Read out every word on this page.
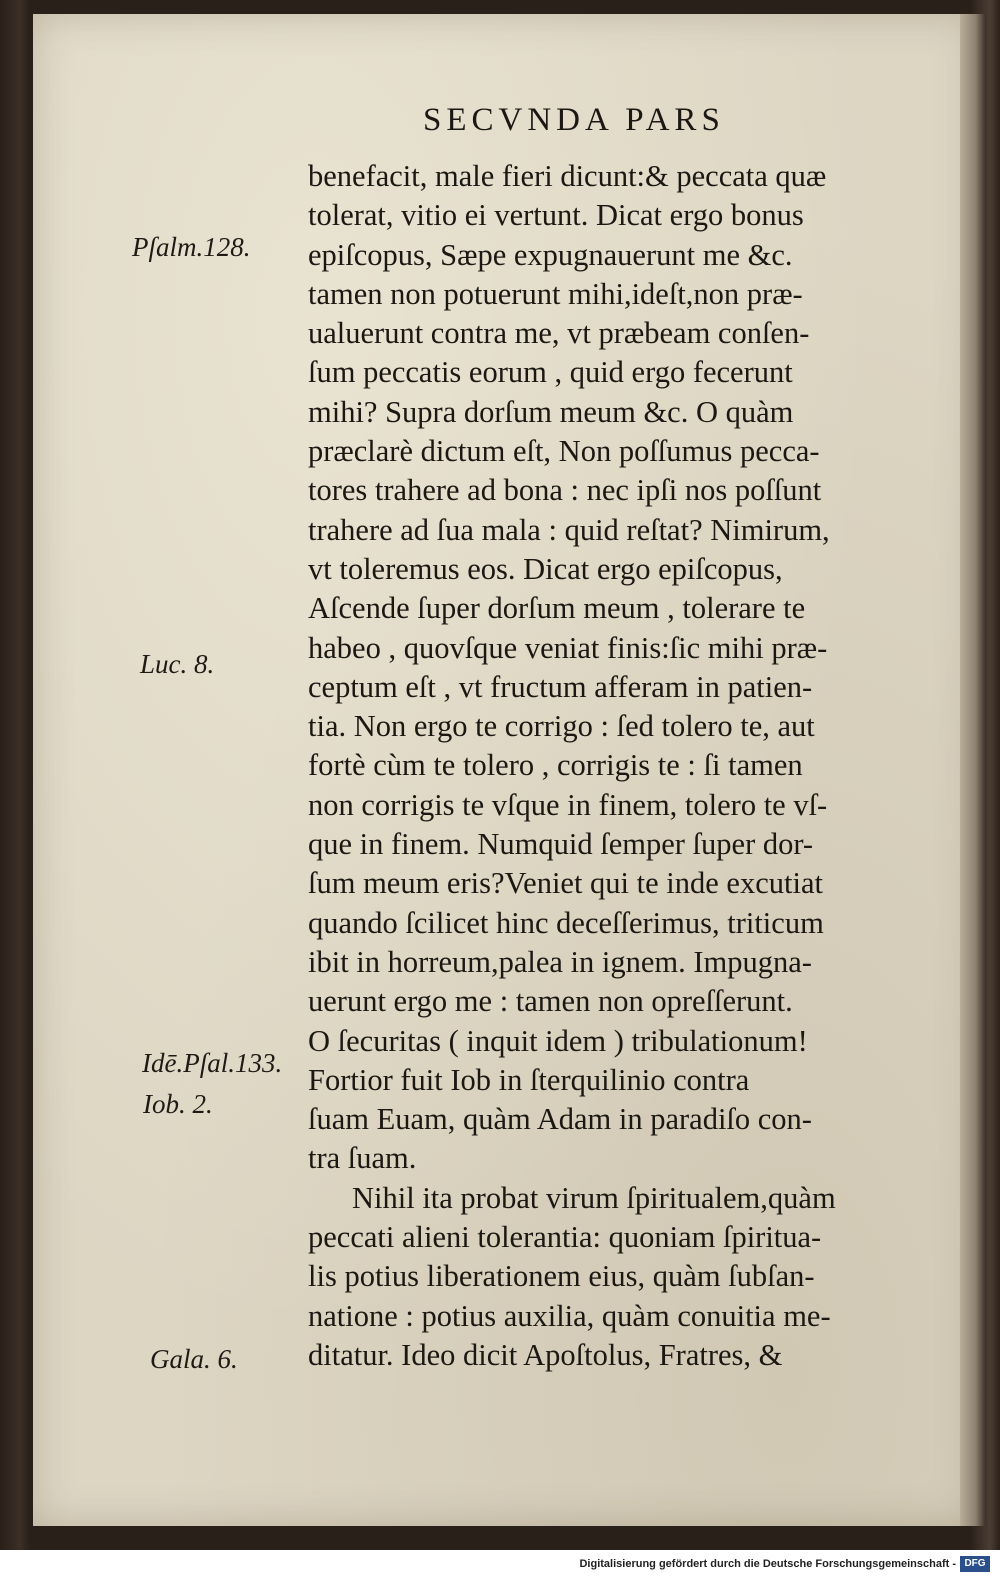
SECVNDA PARS
Pſalm.128.
Luc. 8.
Idē.Pſal.133.
Iob. 2.
Gala. 6.
benefacit, male fieri dicunt:& peccata quæ
tolerat, vitio ei vertunt. Dicat ergo bonus
epiſcopus, Sæpe expugnauerunt me &c.
tamen non potuerunt mihi,ideſt,non præ-
ualuerunt contra me, vt præbeam conſen-
ſum peccatis eorum , quid ergo fecerunt
mihi? Supra dorſum meum &c. O quàm
præclarè dictum eſt, Non poſſumus pecca-
tores trahere ad bona : nec ipſi nos poſſunt
trahere ad ſua mala : quid reſtat? Nimirum,
vt toleremus eos. Dicat ergo epiſcopus,
Aſcende ſuper dorſum meum , tolerare te
habeo , quovſque veniat finis:ſic mihi præ-
ceptum eſt , vt fructum afferam in patien-
tia. Non ergo te corrigo : ſed tolero te, aut
fortè cùm te tolero , corrigis te : ſi tamen
non corrigis te vſque in finem, tolero te vſ-
que in finem. Numquid ſemper ſuper dor-
ſum meum eris?Veniet qui te inde excutiat
quando ſcilicet hinc deceſſerimus, triticum
ibit in horreum,palea in ignem. Impugna-
uerunt ergo me : tamen non opreſſerunt.
O ſecuritas ( inquit idem ) tribulationum!
Fortior fuit Iob in ſterquilinio contra
ſuam Euam, quàm Adam in paradiſo con-
tra ſuam.
Nihil ita probat virum ſpiritualem,quàm
peccati alieni tolerantia: quoniam ſpiritua-
lis potius liberationem eius, quàm ſubſan-
natione : potius auxilia, quàm conuitia me-
ditatur. Ideo dicit Apoſtolus, Fratres, &
Digitalisierung gefördert durch die Deutsche Forschungsgemeinschaft - DFG
